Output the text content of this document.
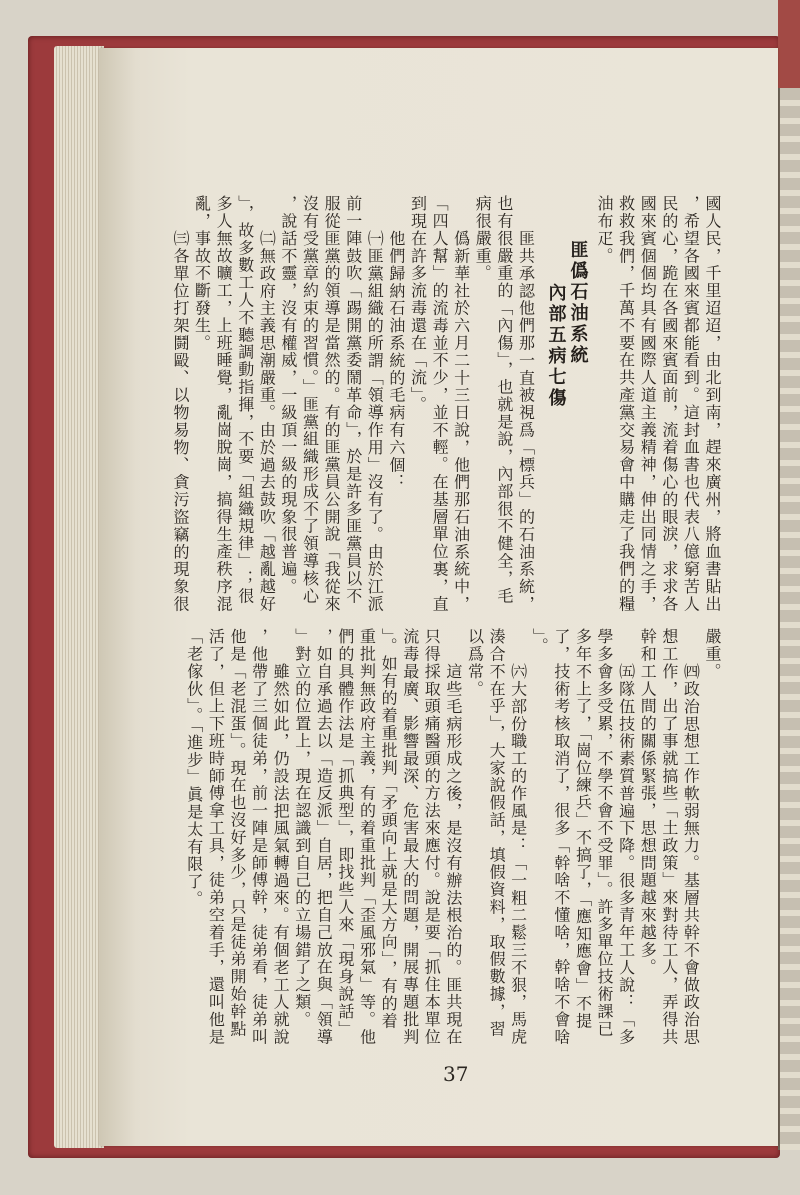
國人民，千里迢迢，由北到南，趕來廣州，將血書貼出
，希望各國來賓都能看到。這封血書也代表八億窮苦人
民的心，跪在各國來賓面前，流着傷心的眼淚，求求各
國來賓個個均具有國際人道主義精神，伸出同情之手，
救救我們，千萬不要在共產黨交易會中購走了我們的糧
油布疋。
匪僞石油系統
內部五病七傷
匪共承認他們那一直被視爲「標兵」的石油系統，
也有很嚴重的「內傷」，也就是說，內部很不健全，毛
病很嚴重。
僞新華社於六月二十三日說，他們那石油系統中，
「四人幫」的流毒並不少，並不輕。在基層單位裏，直
到現在許多流毒還在「流」。
他們歸納石油系統的毛病有六個：
㈠匪黨組織的所謂「領導作用」沒有了。由於江派
前一陣鼓吹「踢開黨委鬧革命」，於是許多匪黨員以不
服從匪黨的領導是當然的。有的匪黨員公開說「我從來
沒有受黨章約束的習慣。」匪黨組織形成不了領導核心
，說話不靈，沒有權威，一級頂一級的現象很普遍。
㈡無政府主義思潮嚴重。由於過去鼓吹「越亂越好
」，故多數工人不聽調動指揮，不要「組織規律」；很
多人無故曠工，上班睡覺，亂崗脫崗，搞得生產秩序混
亂，事故不斷發生。
㈢各單位打架鬪毆、以物易物、貪污盜竊的現象很
嚴重。
㈣政治思想工作軟弱無力。基層共幹不會做政治思
想工作，出了事就搞些「土政策」來對待工人，弄得共
幹和工人間的關係緊張，思想問題越來越多。
㈤隊伍技術素質普遍下降。很多青年工人說：「多
學多會多受累，不學不會不受罪」。許多單位技術課已
多年不上了，「崗位練兵」不搞了，「應知應會」不提
了，技術考核取消了，很多「幹啥不懂啥，幹啥不會啥
」。
㈥大部份職工的作風是：「一粗二鬆三不狠，馬虎
湊合不在乎」，大家說假話，填假資料，取假數據，習
以爲常。
這些毛病形成之後，是沒有辦法根治的。匪共現在
只得採取頭痛醫頭的方法來應付。說是要「抓住本單位
流毒最廣、影響最深、危害最大的問題，開展專題批判
」。如有的着重批判「矛頭向上就是大方向」，有的着
重批判無政府主義，有的着重批判「歪風邪氣」等。他
們的具體作法是「抓典型」，即找些人來「現身說話」
，如自承過去以「造反派」自居，把自己放在與「領導
」對立的位置上，現在認識到自己的立場錯了之類。
雖然如此，仍設法把風氣轉過來。有個老工人就說
，他帶了三個徒弟，前一陣是師傅幹，徒弟看，徒弟叫
他是「老混蛋」。現在也沒好多少，只是徒弟開始幹點
活了，但上下班時師傅拿工具，徒弟空着手，還叫他是
「老傢伙」。「進步」眞是太有限了。
37
